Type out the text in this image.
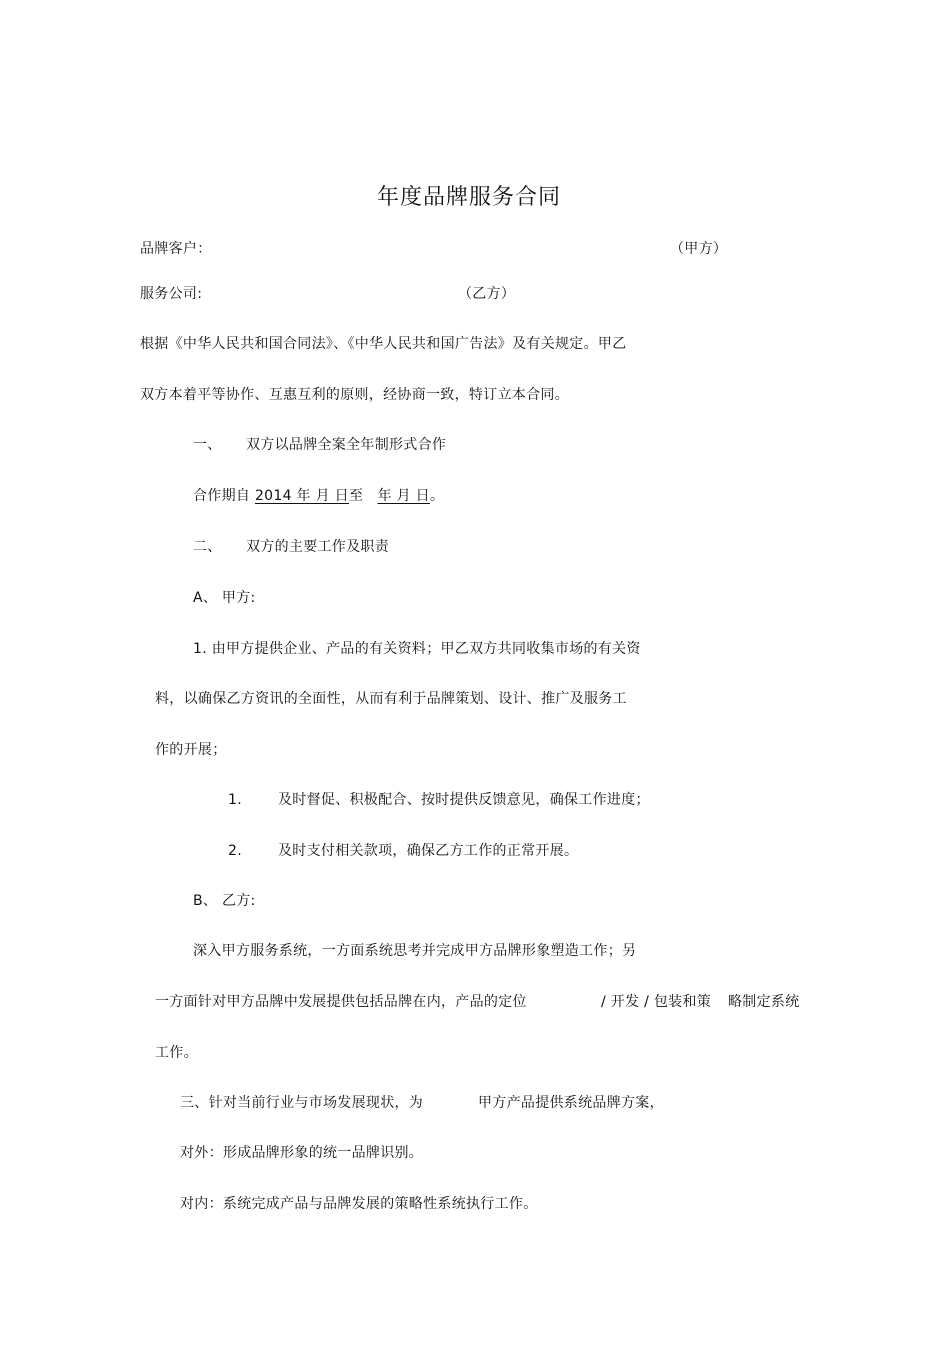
年度品牌服务合同
品牌客户：	（甲方）
服务公司:	（乙方）
根据《中华人民共和国合同法》、《中华人民共和国广告法》及有关规定。甲乙
双方本着平等协作、互惠互利的原则，经协商一致，特订立本合同。
一、 双方以品牌全案全年制形式合作
合作期自 2014 年 月 日至 年 月 日。
二、 双方的主要工作及职责
A、 甲方:
1. 由甲方提供企业、产品的有关资料；甲乙双方共同收集市场的有关资
料，以确保乙方资讯的全面性，从而有利于品牌策划、设计、推广及服务工
作的开展；
1.	及时督促、积极配合、按时提供反馈意见，确保工作进度；
2.	及时支付相关款项，确保乙方工作的正常开展。
B、 乙方:
深入甲方服务系统，一方面系统思考并完成甲方品牌形象塑造工作；另
一方面针对甲方品牌中发展提供包括品牌在内，产品的定位	/ 开发 / 包装和策 略制定系统
工作。
三、针对当前行业与市场发展现状，为	甲方产品提供系统品牌方案，
对外：形成品牌形象的统一品牌识别。
对内：系统完成产品与品牌发展的策略性系统执行工作。
